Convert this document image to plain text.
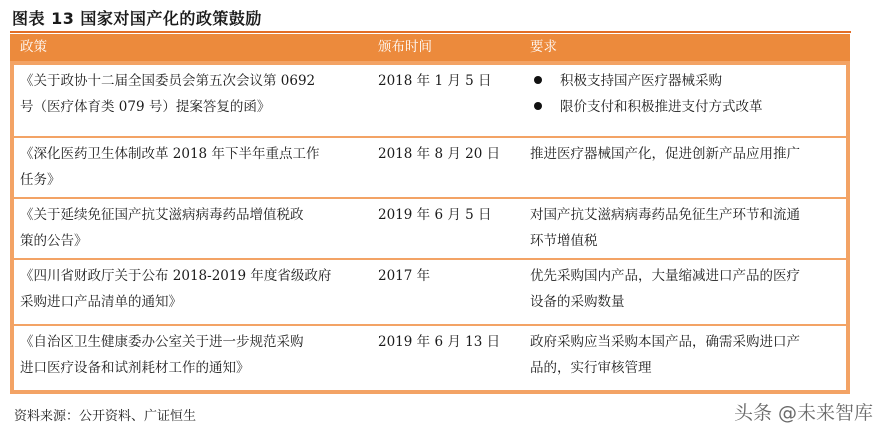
图表 13 国家对国产化的政策鼓励
政策	颁布时间	要求
《关于政协十二届全国委员会第五次会议第 0692
号（医疗体育类 079 号）提案答复的函》
2018 年 1 月 5 日	积极支持国产医疗器械采购
限价支付和积极推进支付方式改革
《深化医药卫生体制改革 2018 年下半年重点工作
任务》
2018 年 8 月 20 日	推进医疗器械国产化，促进创新产品应用推广
《关于延续免征国产抗艾滋病病毒药品增值税政
策的公告》
2019 年 6 月 5 日	对国产抗艾滋病病毒药品免征生产环节和流通
环节增值税
《四川省财政厅关于公布 2018-2019 年度省级政府
采购进口产品清单的通知》
2017 年	优先采购国内产品，大量缩减进口产品的医疗
设备的采购数量
《自治区卫生健康委办公室关于进一步规范采购
进口医疗设备和试剂耗材工作的通知》
2019 年 6 月 13 日	政府采购应当采购本国产品，确需采购进口产
品的，实行审核管理
资料来源：公开资料、广证恒生	头条 @未来智库
